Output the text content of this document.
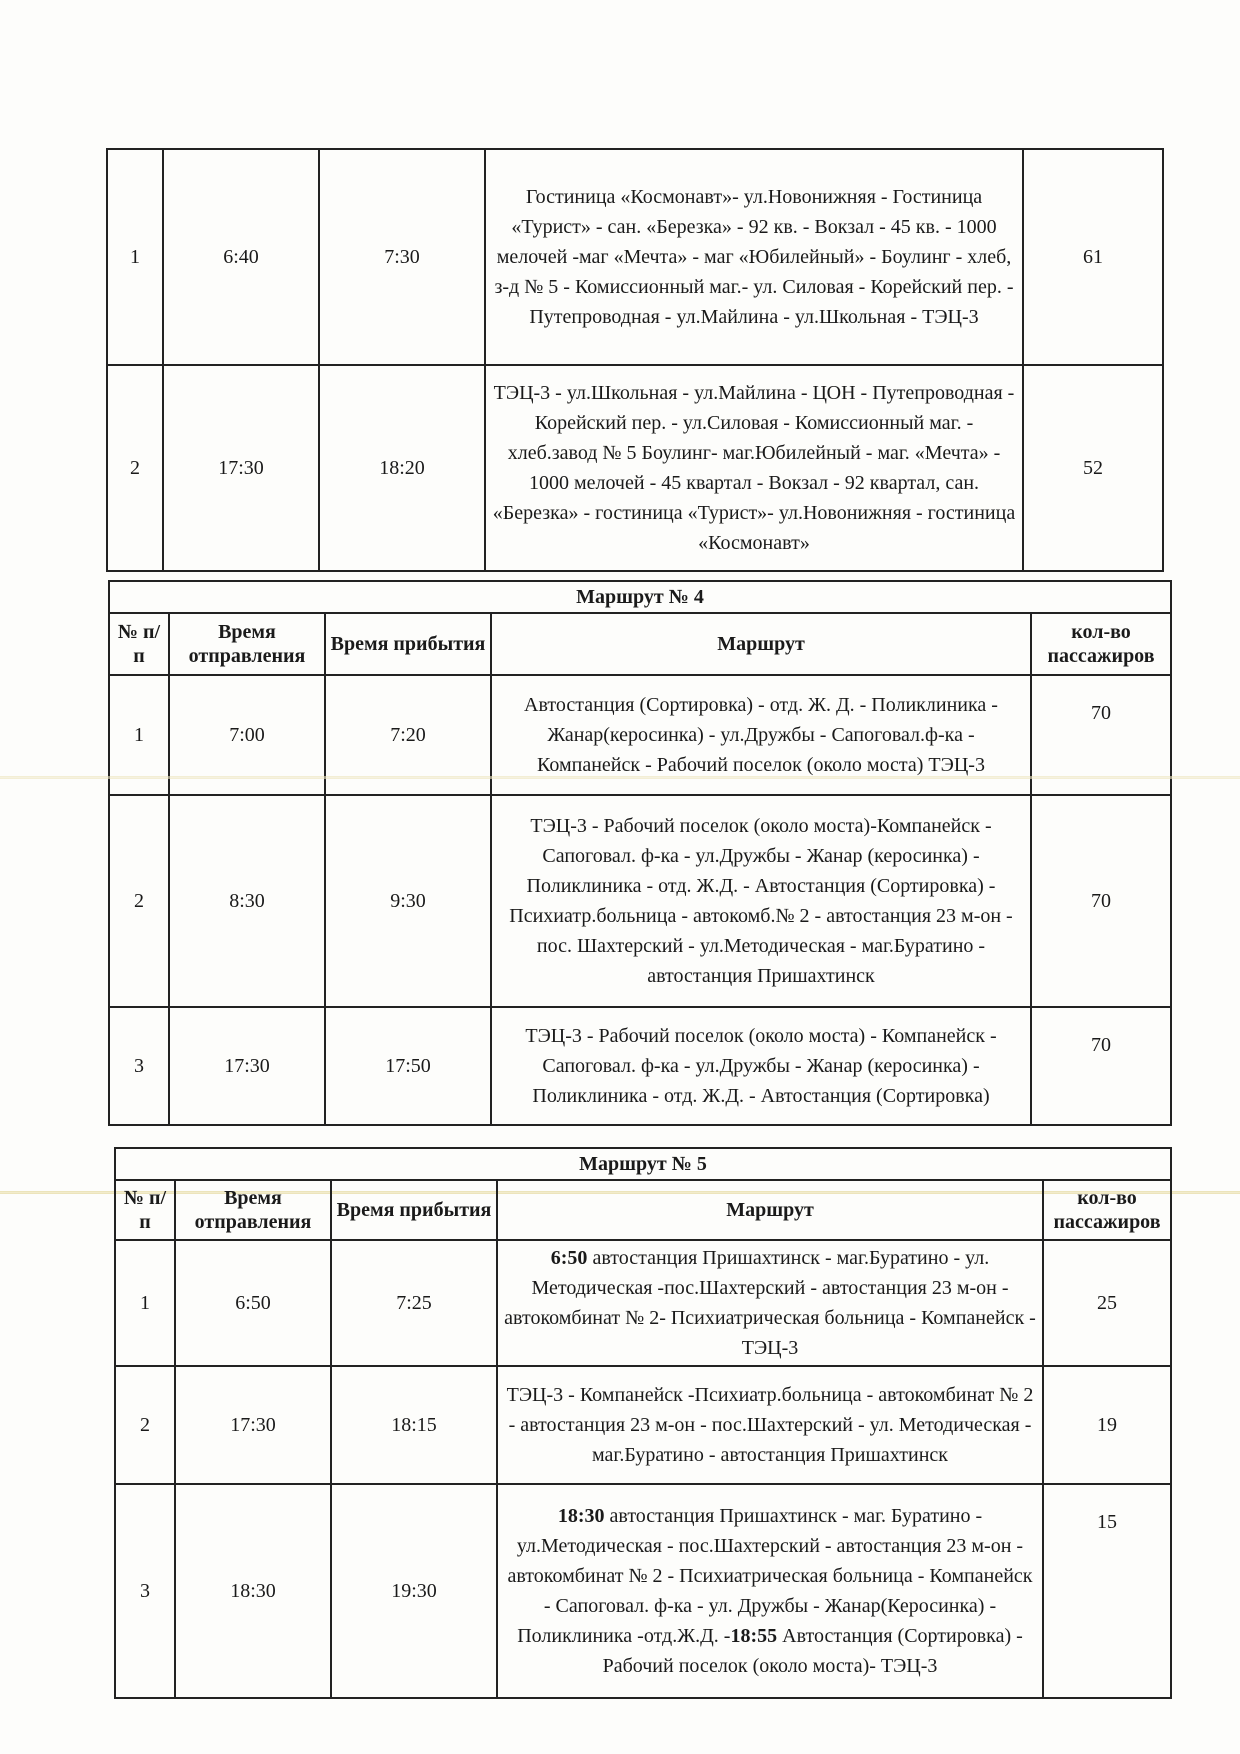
1	6:40	7:30	Гостиница «Космонавт»- ул.Новонижняя - Гостиница «Турист» - сан. «Березка» - 92 кв. - Вокзал - 45 кв. - 1000 мелочей -маг «Мечта» - маг «Юбилейный» - Боулинг - хлеб, з-д № 5 - Комиссионный маг.- ул. Силовая - Корейский пер. - Путепроводная - ул.Майлина - ул.Школьная - ТЭЦ-3	61
2	17:30	18:20	ТЭЦ-3 - ул.Школьная - ул.Майлина - ЦОН - Путепроводная - Корейский пер. - ул.Силовая - Комиссионный маг. - хлеб.завод № 5 Боулинг- маг.Юбилейный - маг. «Мечта» - 1000 мелочей - 45 квартал - Вокзал - 92 квартал, сан. «Березка» - гостиница «Турист»- ул.Новонижняя - гостиница «Космонавт»	52
Маршрут № 4				
№ п/п	Время отправления	Время прибытия	Маршрут	кол-во пассажиров
1	7:00	7:20	Автостанция (Сортировка) - отд. Ж. Д. - Поликлиника - Жанар(керосинка) - ул.Дружбы - Сапоговал.ф-ка - Компанейск - Рабочий поселок (около моста) ТЭЦ-3	70
2	8:30	9:30	ТЭЦ-3 - Рабочий поселок (около моста)-Компанейск - Сапоговал. ф-ка - ул.Дружбы - Жанар (керосинка) - Поликлиника - отд. Ж.Д. - Автостанция (Сортировка) - Психиатр.больница - автокомб.№ 2 - автостанция 23 м-он - пос. Шахтерский - ул.Методическая - маг.Буратино - автостанция Пришахтинск	70
3	17:30	17:50	ТЭЦ-3 - Рабочий поселок (около моста) - Компанейск - Сапоговал. ф-ка - ул.Дружбы - Жанар (керосинка) - Поликлиника - отд. Ж.Д. - Автостанция (Сортировка)	70
Маршрут № 5				
№ п/п	Время отправления	Время прибытия	Маршрут	кол-во пассажиров
1	6:50	7:25	6:50 автостанция Пришахтинск - маг.Буратино - ул. Методическая -пос.Шахтерский - автостанция 23 м-он - автокомбинат № 2- Психиатрическая больница - Компанейск - ТЭЦ-3	25
2	17:30	18:15	ТЭЦ-3 - Компанейск -Психиатр.больница - автокомбинат № 2 - автостанция 23 м-он - пос.Шахтерский - ул. Методическая - маг.Буратино - автостанция Пришахтинск	19
3	18:30	19:30	18:30 автостанция Пришахтинск - маг. Буратино - ул.Методическая - пос.Шахтерский - автостанция 23 м-он - автокомбинат № 2 - Психиатрическая больница - Компанейск - Сапоговал. ф-ка - ул. Дружбы - Жанар(Керосинка) - Поликлиника -отд.Ж.Д. -18:55 Автостанция (Сортировка) - Рабочий поселок (около моста)- ТЭЦ-3	15
